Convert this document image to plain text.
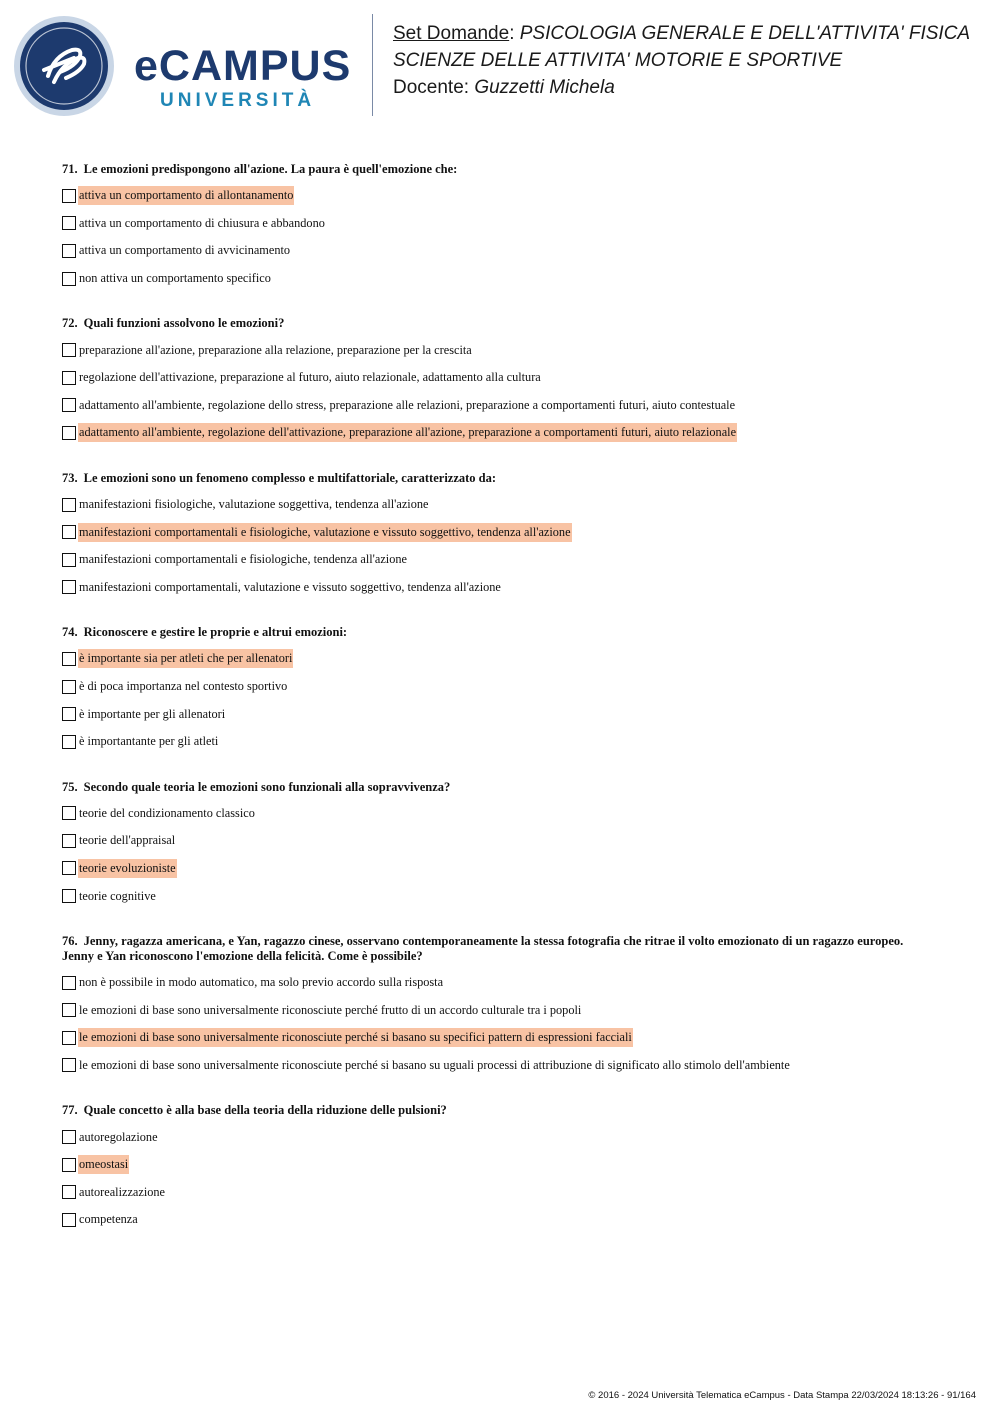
eCAMPUS
UNIVERSITÀ
Set Domande: PSICOLOGIA GENERALE E DELL'ATTIVITA' FISICA
SCIENZE DELLE ATTIVITA' MOTORIE E SPORTIVE
Docente: Guzzetti Michela
71. Le emozioni predispongono all'azione. La paura è quell'emozione che:
attiva un comportamento di allontanamento
attiva un comportamento di chiusura e abbandono
attiva un comportamento di avvicinamento
non attiva un comportamento specifico
72. Quali funzioni assolvono le emozioni?
preparazione all'azione, preparazione alla relazione, preparazione per la crescita
regolazione dell'attivazione, preparazione al futuro, aiuto relazionale, adattamento alla cultura
adattamento all'ambiente, regolazione dello stress, preparazione alle relazioni, preparazione a comportamenti futuri, aiuto contestuale
adattamento all'ambiente, regolazione dell'attivazione, preparazione all'azione, preparazione a comportamenti futuri, aiuto relazionale
73. Le emozioni sono un fenomeno complesso e multifattoriale, caratterizzato da:
manifestazioni fisiologiche, valutazione soggettiva, tendenza all'azione
manifestazioni comportamentali e fisiologiche, valutazione e vissuto soggettivo, tendenza all'azione
manifestazioni comportamentali e fisiologiche, tendenza all'azione
manifestazioni comportamentali, valutazione e vissuto soggettivo, tendenza all'azione
74. Riconoscere e gestire le proprie e altrui emozioni:
è importante sia per atleti che per allenatori
è di poca importanza nel contesto sportivo
è importante per gli allenatori
è importantante per gli atleti
75. Secondo quale teoria le emozioni sono funzionali alla sopravvivenza?
teorie del condizionamento classico
teorie dell'appraisal
teorie evoluzioniste
teorie cognitive
76. Jenny, ragazza americana, e Yan, ragazzo cinese, osservano contemporaneamente la stessa fotografia che ritrae il volto emozionato di un ragazzo europeo.
Jenny e Yan riconoscono l'emozione della felicità. Come è possibile?
non è possibile in modo automatico, ma solo previo accordo sulla risposta
le emozioni di base sono universalmente riconosciute perché frutto di un accordo culturale tra i popoli
le emozioni di base sono universalmente riconosciute perché si basano su specifici pattern di espressioni facciali
le emozioni di base sono universalmente riconosciute perché si basano su uguali processi di attribuzione di significato allo stimolo dell'ambiente
77. Quale concetto è alla base della teoria della riduzione delle pulsioni?
autoregolazione
omeostasi
autorealizzazione
competenza
© 2016 - 2024 Università Telematica eCampus - Data Stampa 22/03/2024 18:13:26 - 91/164
